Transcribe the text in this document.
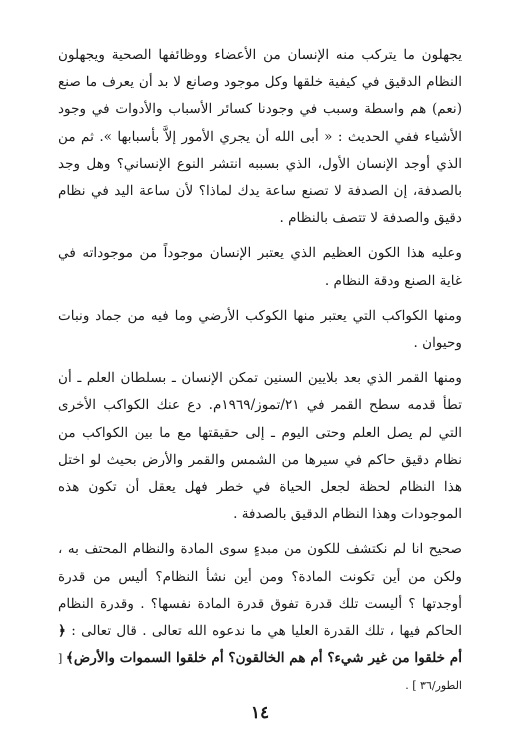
يجهلون ما يتركب منه الإنسان من الأعضاء ووظائفها الصحية ويجهلون النظام الدقيق في كيفية خلقها وكل موجود وصانع لا بد أن يعرف ما صنع (نعم) هم واسطة وسبب في وجودنا كسائر الأسباب والأدوات في وجود الأشياء ففي الحديث : « أبى الله أن يجري الأمور إلاَّ بأسبابها ». ثم من الذي أوجد الإنسان الأول، الذي بسببه انتشر النوع الإنساني؟ وهل وجد بالصدفة، إن الصدفة لا تصنع ساعة يدك لماذا؟ لأن ساعة اليد في نظام دقيق والصدفة لا تتصف بالنظام .

وعليه هذا الكون العظيم الذي يعتبر الإنسان موجوداً من موجوداته في غاية الصنع ودقة النظام .

ومنها الكواكب التي يعتبر منها الكوكب الأرضي وما فيه من جماد ونبات وحيوان .

ومنها القمر الذي بعد بلايين السنين تمكن الإنسان ـ بسلطان العلم ـ أن تطأ قدمه سطح القمر في ٢١/تموز/١٩٦٩م. دع عنك الكواكب الأخرى التي لم يصل العلم وحتى اليوم ـ إلى حقيقتها مع ما بين الكواكب من نظام دقيق حاكم في سيرها من الشمس والقمر والأرض بحيث لو اختل هذا النظام لحظة لجعل الحياة في خطر فهل يعقل أن تكون هذه الموجودات وهذا النظام الدقيق بالصدفة .

صحيح انا لم نكتشف للكون من مبدءٍ سوى المادة والنظام المحتف به ، ولكن من أين تكونت المادة؟ ومن أين نشأ النظام؟ أليس من قدرة أوجدتها ؟ أليست تلك قدرة تفوق قدرة المادة نفسها؟ . وقدرة النظام الحاكم فيها ، تلك القدرة العليا هي ما ندعوه الله تعالى . قال تعالى : ﴿ أم خلقوا من غير شيء؟ أم هم الخالقون؟ أم خلقوا السموات والأرض﴾ [ الطور/٣٦ ] .

١٤
